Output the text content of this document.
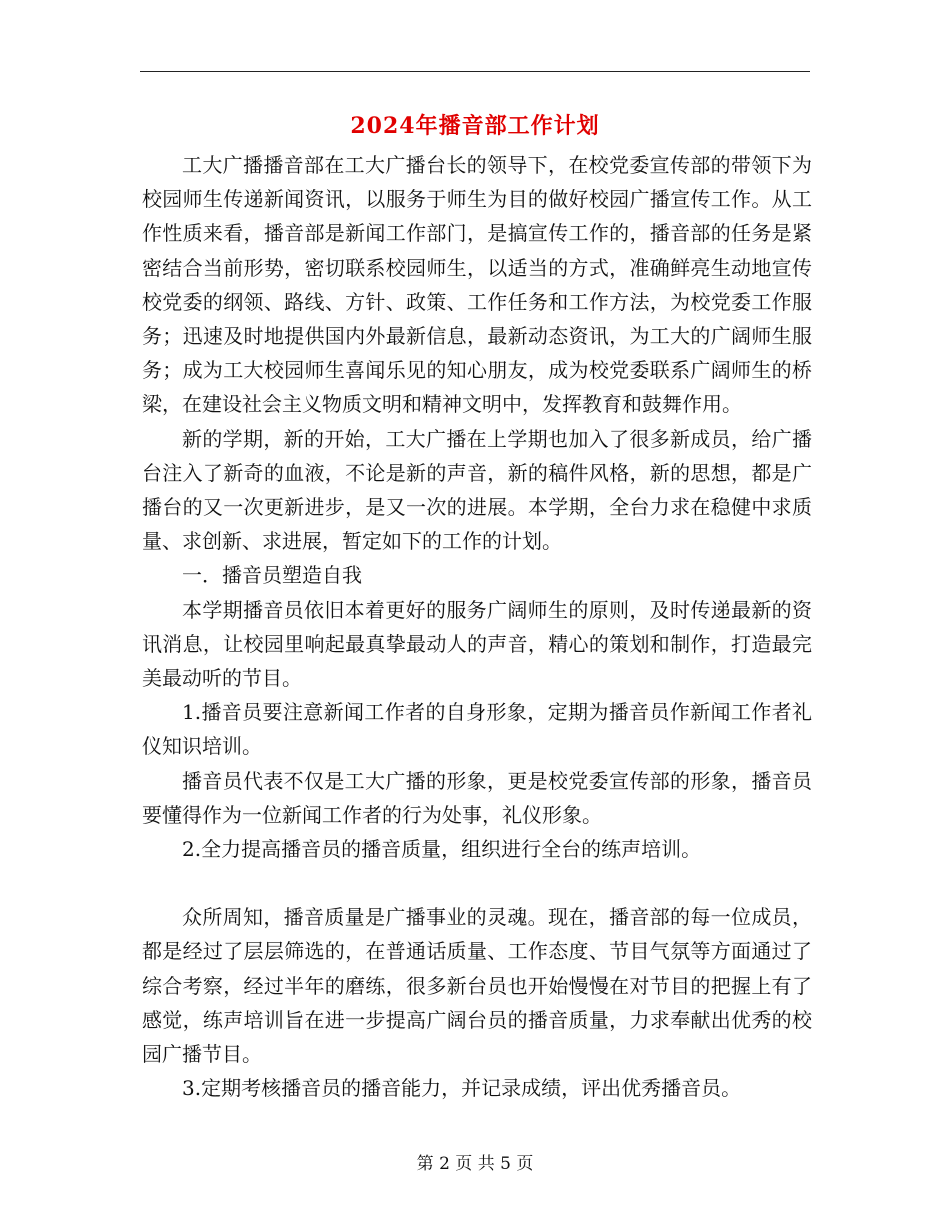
2024年播音部工作计划

工大广播播音部在工大广播台长的领导下，在校党委宣传部的带领下为校园师生传递新闻资讯，以服务于师生为目的做好校园广播宣传工作。从工作性质来看，播音部是新闻工作部门，是搞宣传工作的，播音部的任务是紧密结合当前形势，密切联系校园师生，以适当的方式，准确鲜亮生动地宣传校党委的纲领、路线、方针、政策、工作任务和工作方法，为校党委工作服务；迅速及时地提供国内外最新信息，最新动态资讯，为工大的广阔师生服务；成为工大校园师生喜闻乐见的知心朋友，成为校党委联系广阔师生的桥梁，在建设社会主义物质文明和精神文明中，发挥教育和鼓舞作用。

新的学期，新的开始，工大广播在上学期也加入了很多新成员，给广播台注入了新奇的血液，不论是新的声音，新的稿件风格，新的思想，都是广播台的又一次更新进步，是又一次的进展。本学期，全台力求在稳健中求质量、求创新、求进展，暂定如下的工作的计划。

一．播音员塑造自我

本学期播音员依旧本着更好的服务广阔师生的原则，及时传递最新的资讯消息，让校园里响起最真挚最动人的声音，精心的策划和制作，打造最完美最动听的节目。

1.播音员要注意新闻工作者的自身形象，定期为播音员作新闻工作者礼仪知识培训。

播音员代表不仅是工大广播的形象，更是校党委宣传部的形象，播音员要懂得作为一位新闻工作者的行为处事，礼仪形象。

2.全力提高播音员的播音质量，组织进行全台的练声培训。

众所周知，播音质量是广播事业的灵魂。现在，播音部的每一位成员，都是经过了层层筛选的，在普通话质量、工作态度、节目气氛等方面通过了综合考察，经过半年的磨练，很多新台员也开始慢慢在对节目的把握上有了感觉，练声培训旨在进一步提高广阔台员的播音质量，力求奉献出优秀的校园广播节目。

3.定期考核播音员的播音能力，并记录成绩，评出优秀播音员。

第 2 页 共 5 页
